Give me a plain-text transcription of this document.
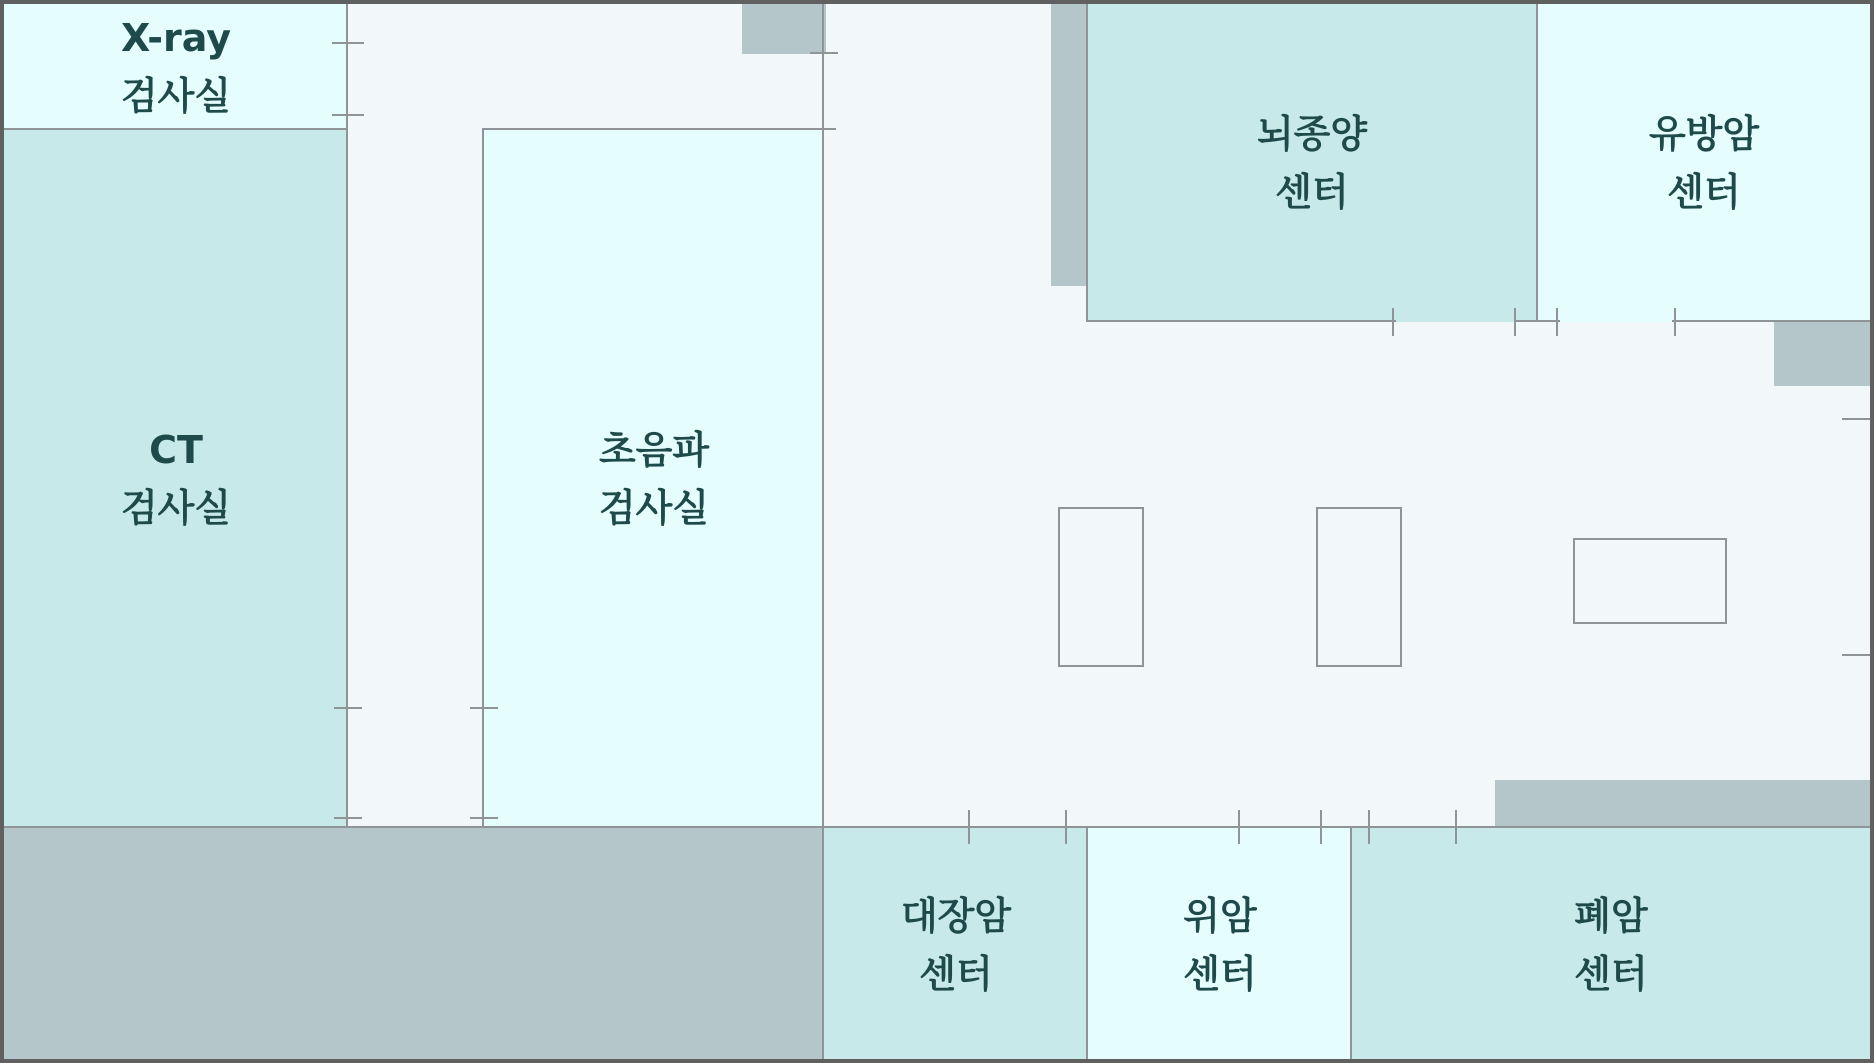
X-ray
검사실
CT
검사실
초음파
검사실
뇌종양
센터
유방암
센터
대장암
센터
위암
센터
폐암
센터
